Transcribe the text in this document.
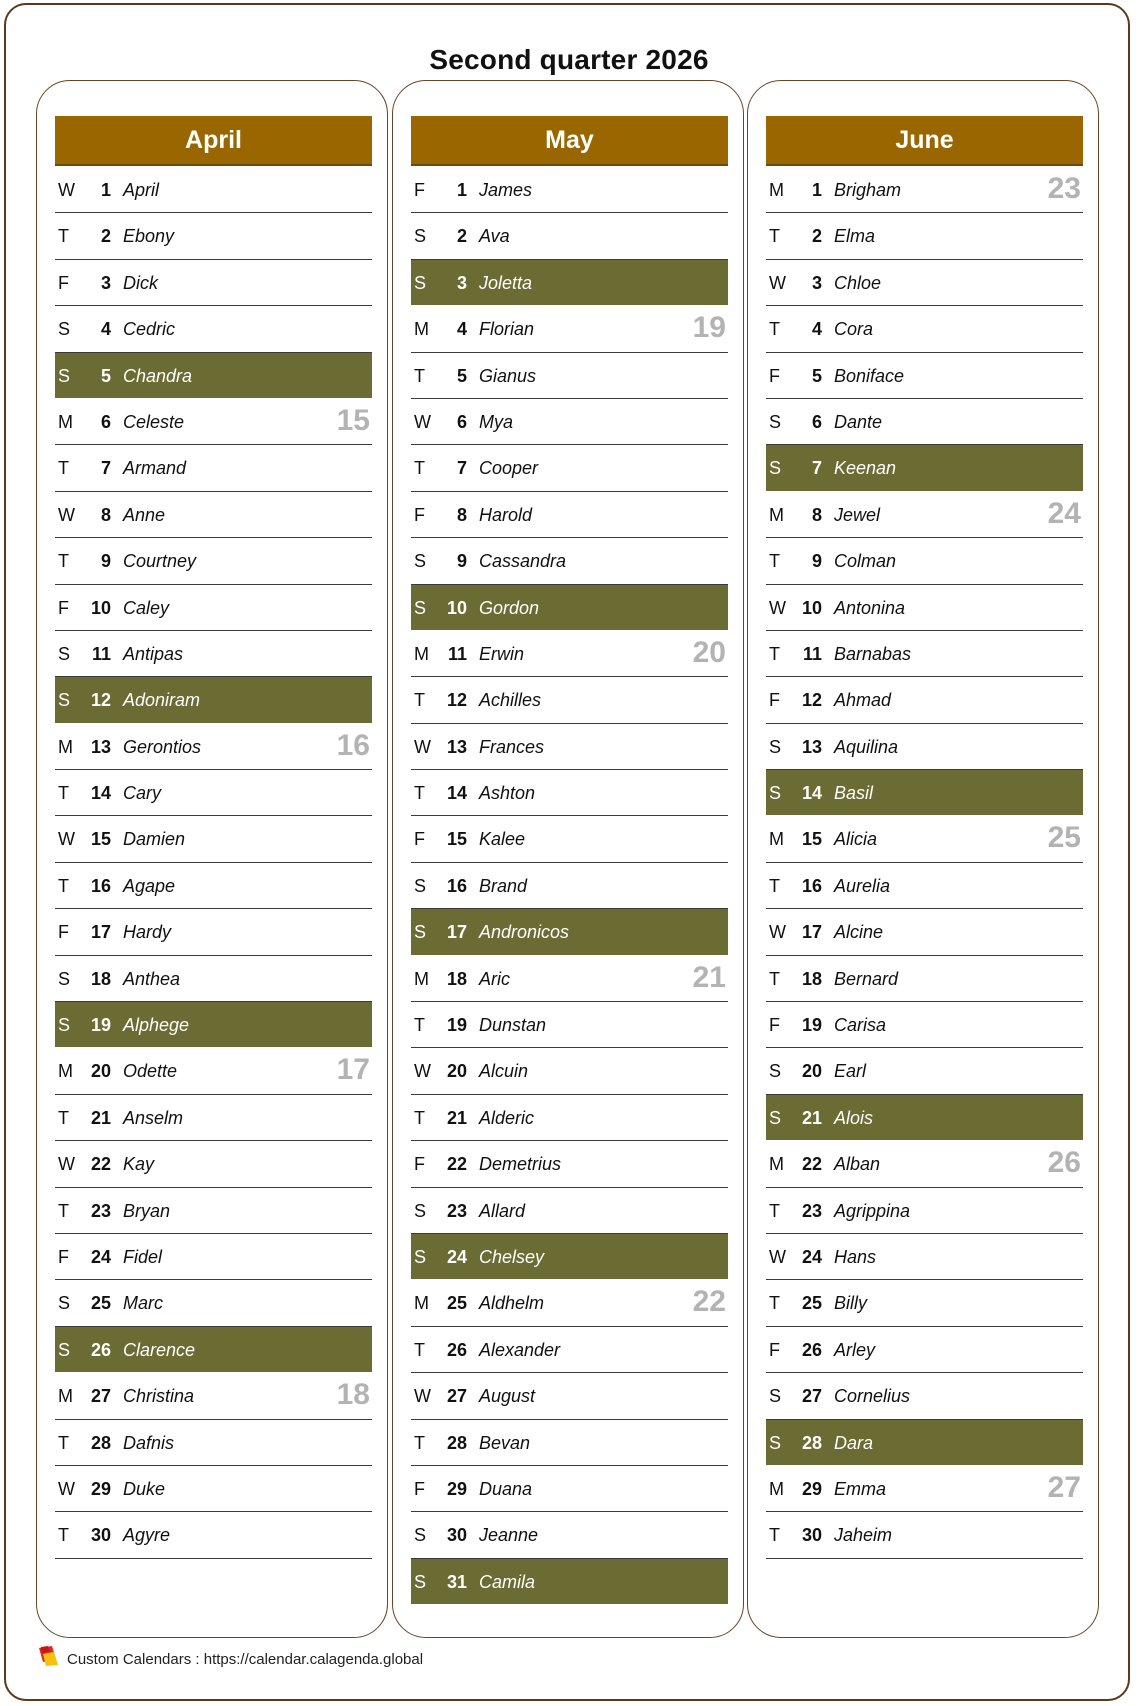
Second quarter 2026
April
W	1 April
T	2 Ebony
F	3 Dick
S	4 Cedric
S	5 Chandra
M	6 Celeste	15
T	7 Armand
W	8 Anne
T	9 Courtney
F	10 Caley
S	11 Antipas
S	12 Adoniram
M 13 Gerontios	16
T	14 Cary
W 15 Damien
T	16 Agape
F	17 Hardy
S	18 Anthea
S	19 Alphege
M 20 Odette	17
T	21 Anselm
W 22 Kay
T	23 Bryan
F	24 Fidel
S	25 Marc
S	26 Clarence
M 27 Christina	18
T	28 Dafnis
W 29 Duke
T	30 Agyre
May
F	1 James
S	2 Ava
S	3 Joletta
M	4 Florian	19
T	5 Gianus
W	6 Mya
T	7 Cooper
F	8 Harold
S	9 Cassandra
S	10 Gordon
M	11 Erwin	20
T	12 Achilles
W 13 Frances
T	14 Ashton
F	15 Kalee
S	16 Brand
S	17 Andronicos
M 18 Aric	21
T	19 Dunstan
W 20 Alcuin
T	21 Alderic
F	22 Demetrius
S	23 Allard
S	24 Chelsey
M 25 Aldhelm	22
T	26 Alexander
W 27 August
T	28 Bevan
F	29 Duana
S	30 Jeanne
S	31 Camila
June
M	1 Brigham	23
T	2 Elma
W	3 Chloe
T	4 Cora
F	5 Boniface
S	6 Dante
S	7 Keenan
M	8 Jewel	24
T	9 Colman
W 10 Antonina
T	11 Barnabas
F	12 Ahmad
S	13 Aquilina
S	14 Basil
M 15 Alicia	25
T	16 Aurelia
W 17 Alcine
T	18 Bernard
F	19 Carisa
S	20 Earl
S	21 Alois
M 22 Alban	26
T	23 Agrippina
W 24 Hans
T	25 Billy
F	26 Arley
S	27 Cornelius
S	28 Dara
M 29 Emma	27
T	30 Jaheim
Custom Calendars : https://calendar.calagenda.global
